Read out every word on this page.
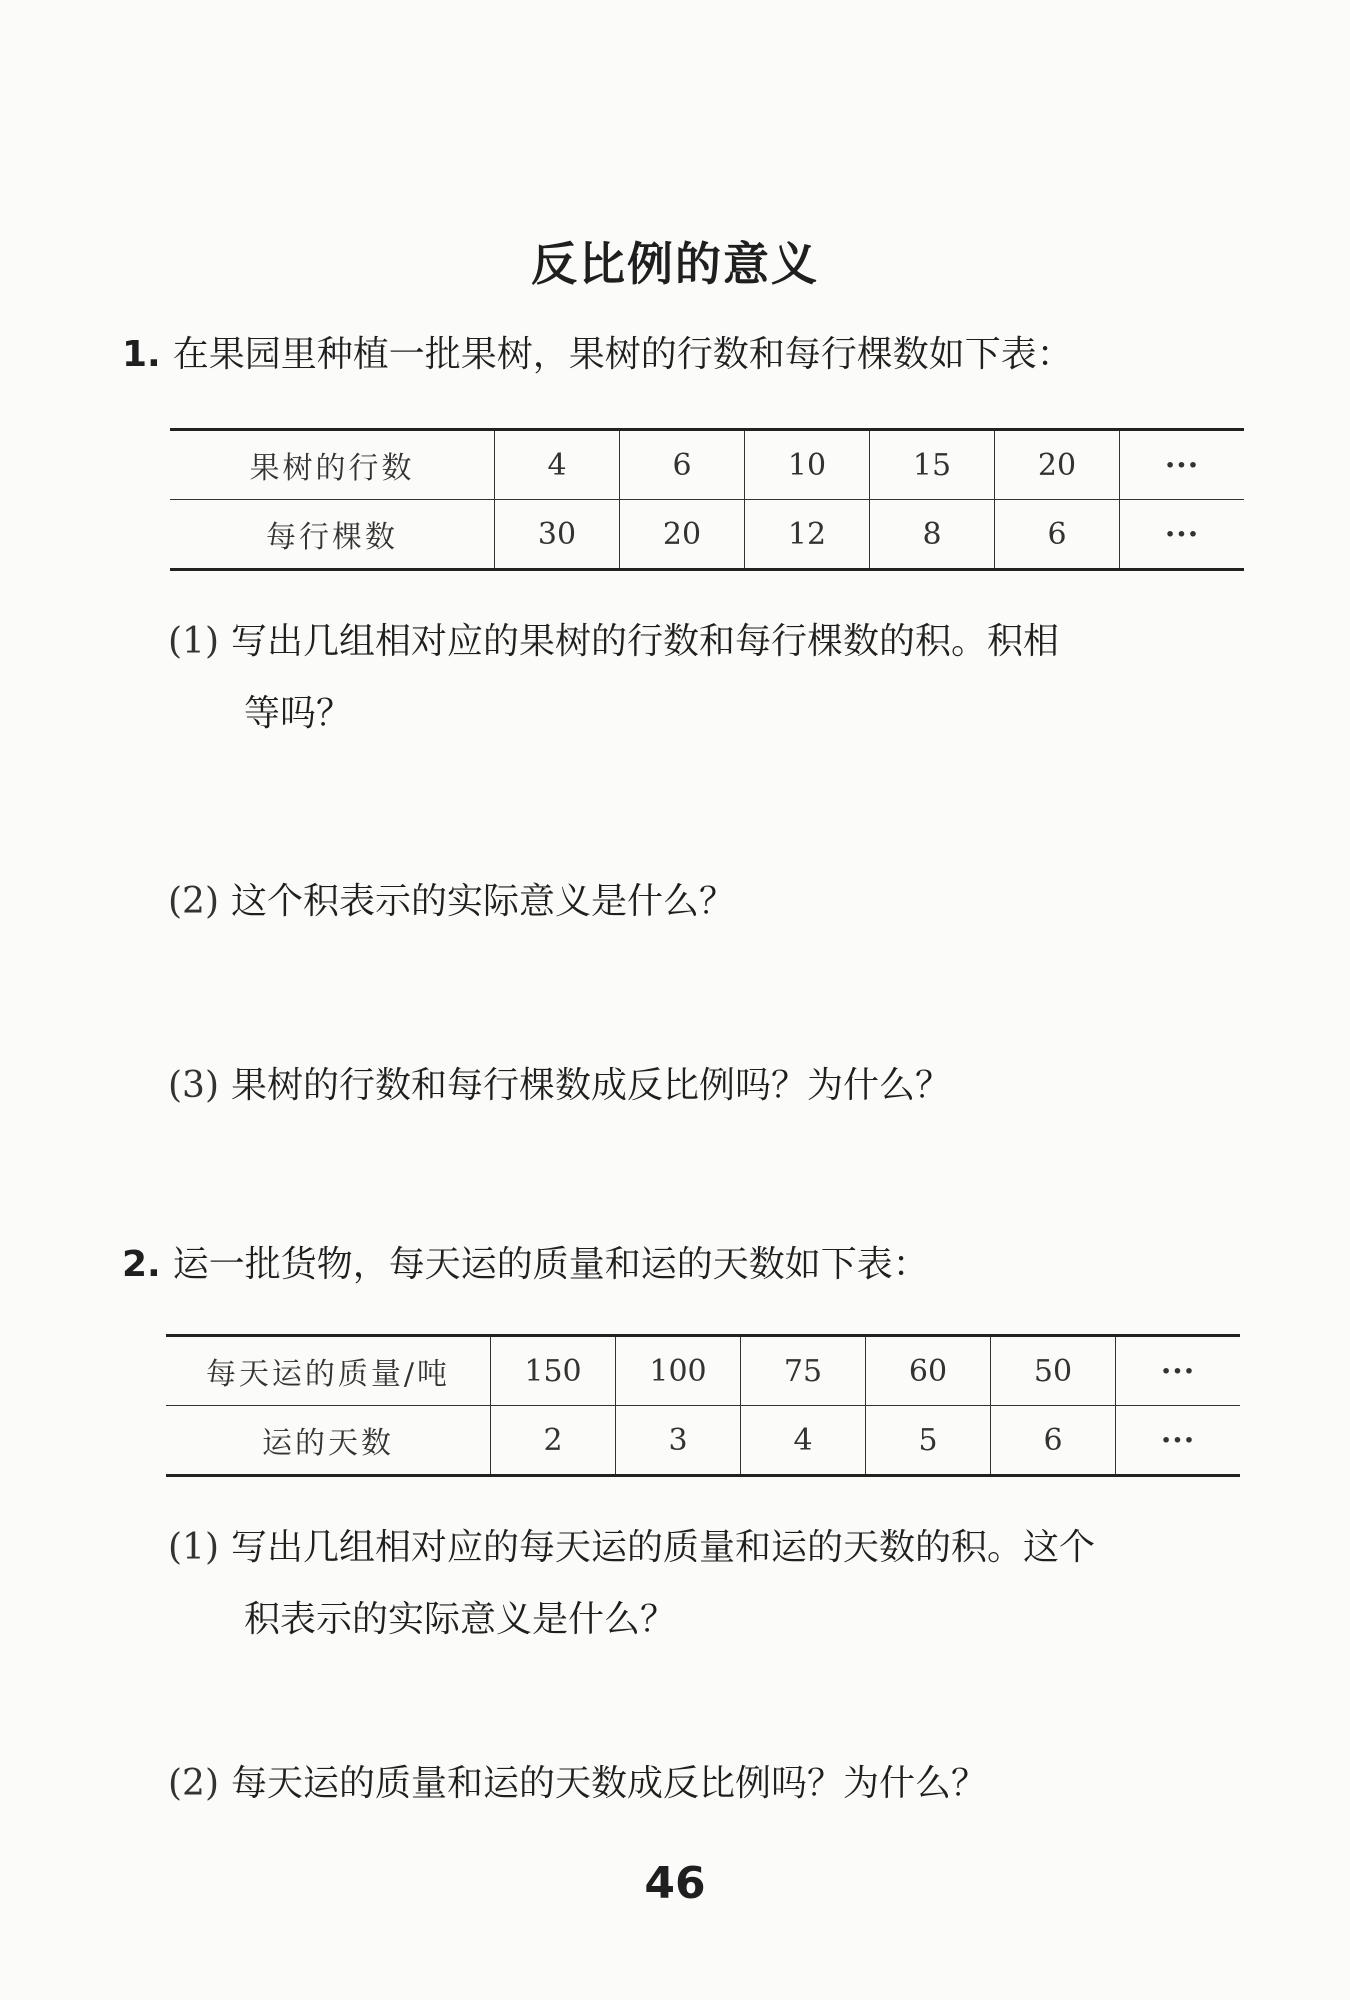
反比例的意义
1. 在果园里种植一批果树，果树的行数和每行棵数如下表：
果树的行数	4	6	10	15	20	···
每行棵数	30	20	12	8	6	···
(1) 写出几组相对应的果树的行数和每行棵数的积。积相
等吗？
(2) 这个积表示的实际意义是什么？
(3) 果树的行数和每行棵数成反比例吗？为什么？
2. 运一批货物，每天运的质量和运的天数如下表：
每天运的质量/吨	150	100	75	60	50	···
运的天数	2	3	4	5	6	···
(1) 写出几组相对应的每天运的质量和运的天数的积。这个
积表示的实际意义是什么？
(2) 每天运的质量和运的天数成反比例吗？为什么？
46
